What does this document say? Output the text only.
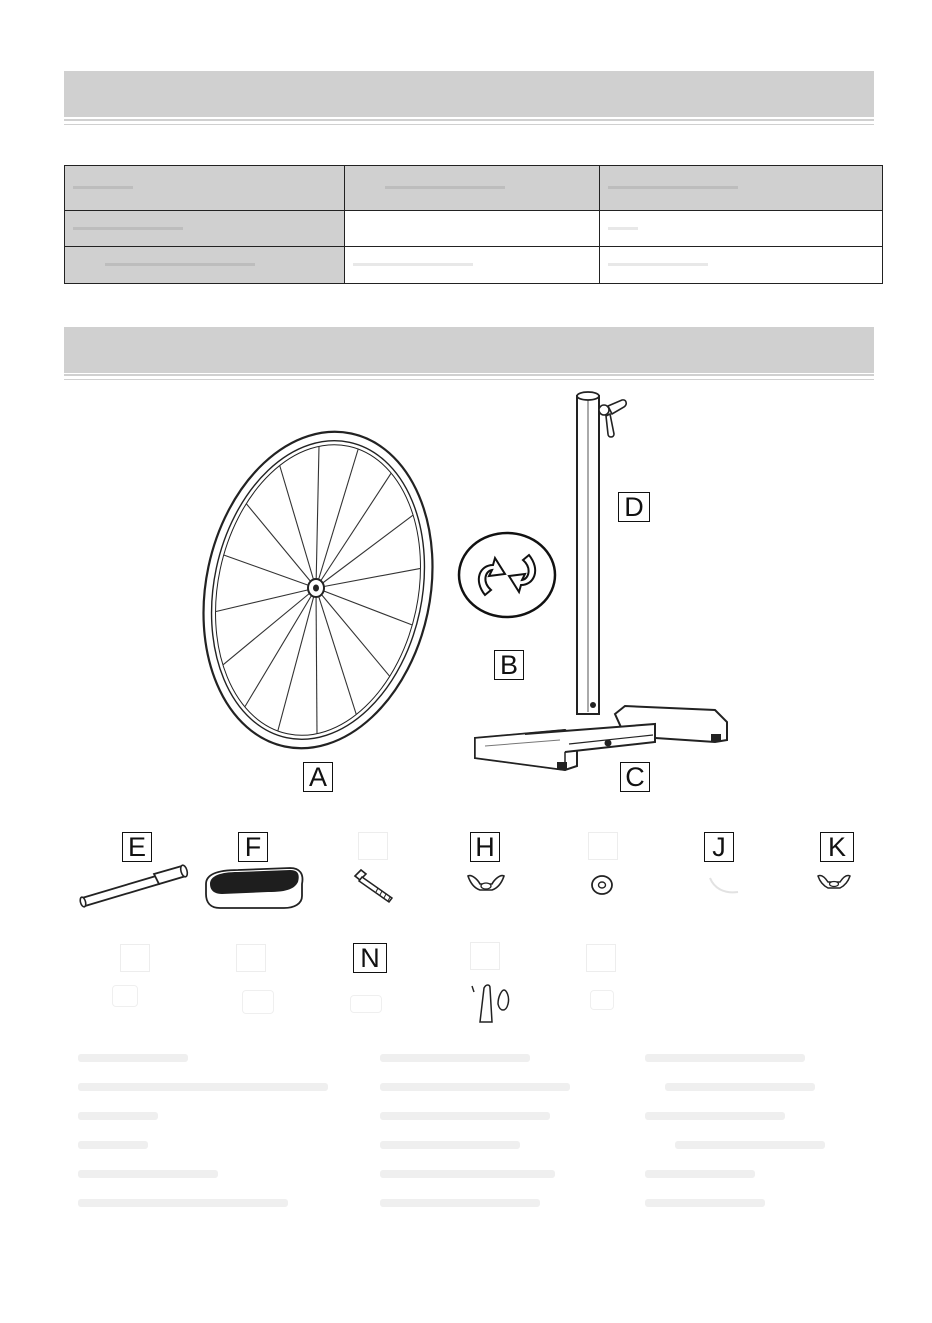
A
B
C
D
E	F	H	J	K
N
